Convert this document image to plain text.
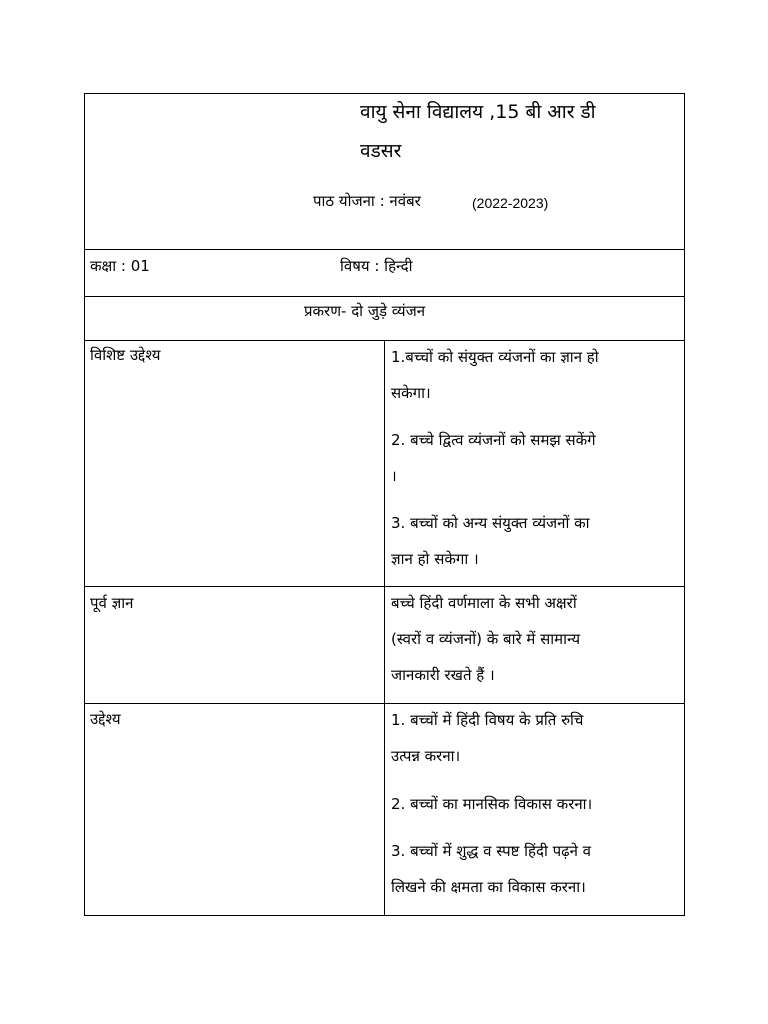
वायु सेना विद्यालय ,15 बी आर डी
वडसर
पाठ योजना : नवंबर	(2022-2023)
कक्षा : 01	विषय : हिन्दी
प्रकरण- दो जुड़े व्यंजन
विशिष्ट उद्देश्य	1.बच्चों को संयुक्त व्यंजनों का ज्ञान हो
सकेगा।
2. बच्चे द्वित्व व्यंजनों को समझ सकेंगे
।
3. बच्चों को अन्य संयुक्त व्यंजनों का
ज्ञान हो सकेगा ।
पूर्व ज्ञान	बच्चे हिंदी वर्णमाला के सभी अक्षरों
(स्वरों व व्यंजनों) के बारे में सामान्य
जानकारी रखते हैं ।
उद्देश्य	1. बच्चों में हिंदी विषय के प्रति रुचि
उत्पन्न करना।
2. बच्चों का मानसिक विकास करना।
3. बच्चों में शुद्ध व स्पष्ट हिंदी पढ़ने व
लिखने की क्षमता का विकास करना।
